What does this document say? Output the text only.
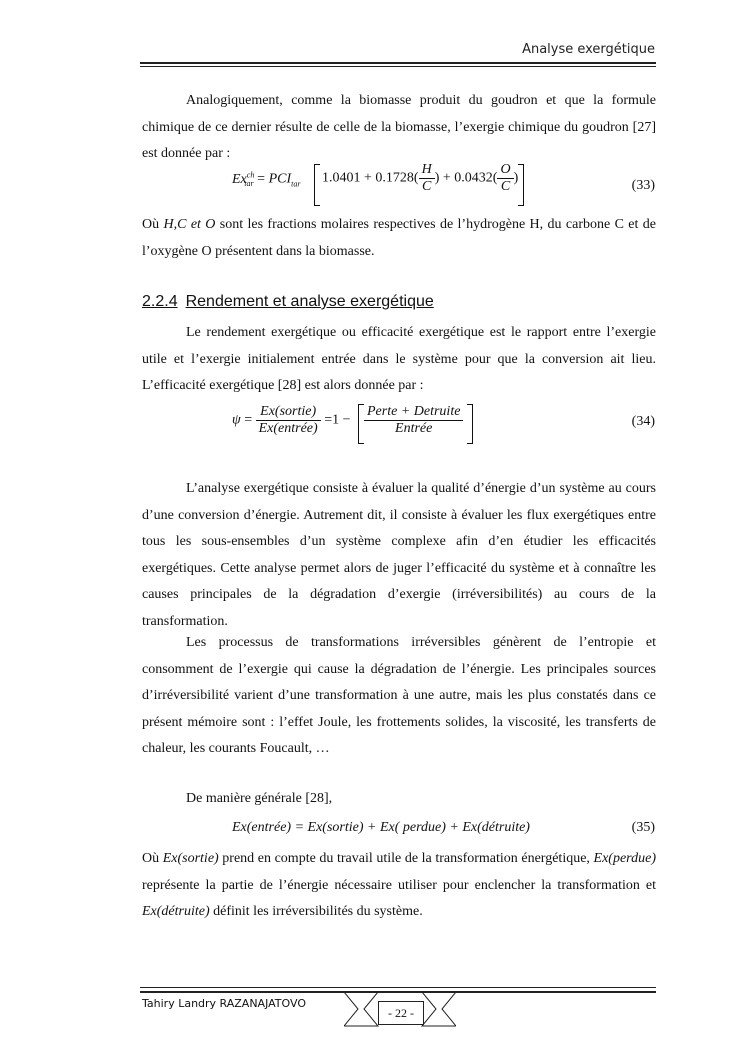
Analyse exergétique

Analogiquement, comme la biomasse produit du goudron et que la formule chimique de ce dernier résulte de celle de la biomasse, l’exergie chimique du goudron [27] est donnée par :

$Ex^{ch}_{tar} = PCI_{tar}$ $1.0401 + 0.1728( \frac{H}{C}$ ) + $0.0432( \frac{O}{C}$ )	(33)

Où H,C et O sont les fractions molaires respectives de l’hydrogène H, du carbone C et de l’oxygène O présentent dans la biomasse.

2.2.4 Rendement et analyse exergétique

Le rendement exergétique ou efficacité exergétique est le rapport entre l’exergie utile et l’exergie initialement entrée dans le système pour que la conversion ait lieu. L’efficacité exergétique [28] est alors donnée par :

$\psi = \frac{\text{Ex(sortie)}}{\text{Ex(entrée)}} =1 - \frac{\text{Perte + Detruite}}{\text{Entrée}}$	(34)

L’analyse exergétique consiste à évaluer la qualité d’énergie d’un système au cours d’une conversion d’énergie. Autrement dit, il consiste à évaluer les flux exergétiques entre tous les sous-ensembles d’un système complexe afin d’en étudier les efficacités exergétiques. Cette analyse permet alors de juger l’efficacité du système et à connaître les causes principales de la dégradation d’exergie (irréversibilités) au cours de la transformation.

Les processus de transformations irréversibles génèrent de l’entropie et consomment de l’exergie qui cause la dégradation de l’énergie. Les principales sources d’irréversibilité varient d’une transformation à une autre, mais les plus constatés dans ce présent mémoire sont : l’effet Joule, les frottements solides, la viscosité, les transferts de chaleur, les courants Foucault, …

De manière générale [28],

Ex(entrée) = Ex(sortie) + Ex( perdue) + Ex(détruite)	(35)

Où Ex(sortie) prend en compte du travail utile de la transformation énergétique, Ex(perdue) représente la partie de l’énergie nécessaire utiliser pour enclencher la transformation et Ex(détruite) définit les irréversibilités du système.

Tahiry Landry RAZANAJATOVO
- 22 -
